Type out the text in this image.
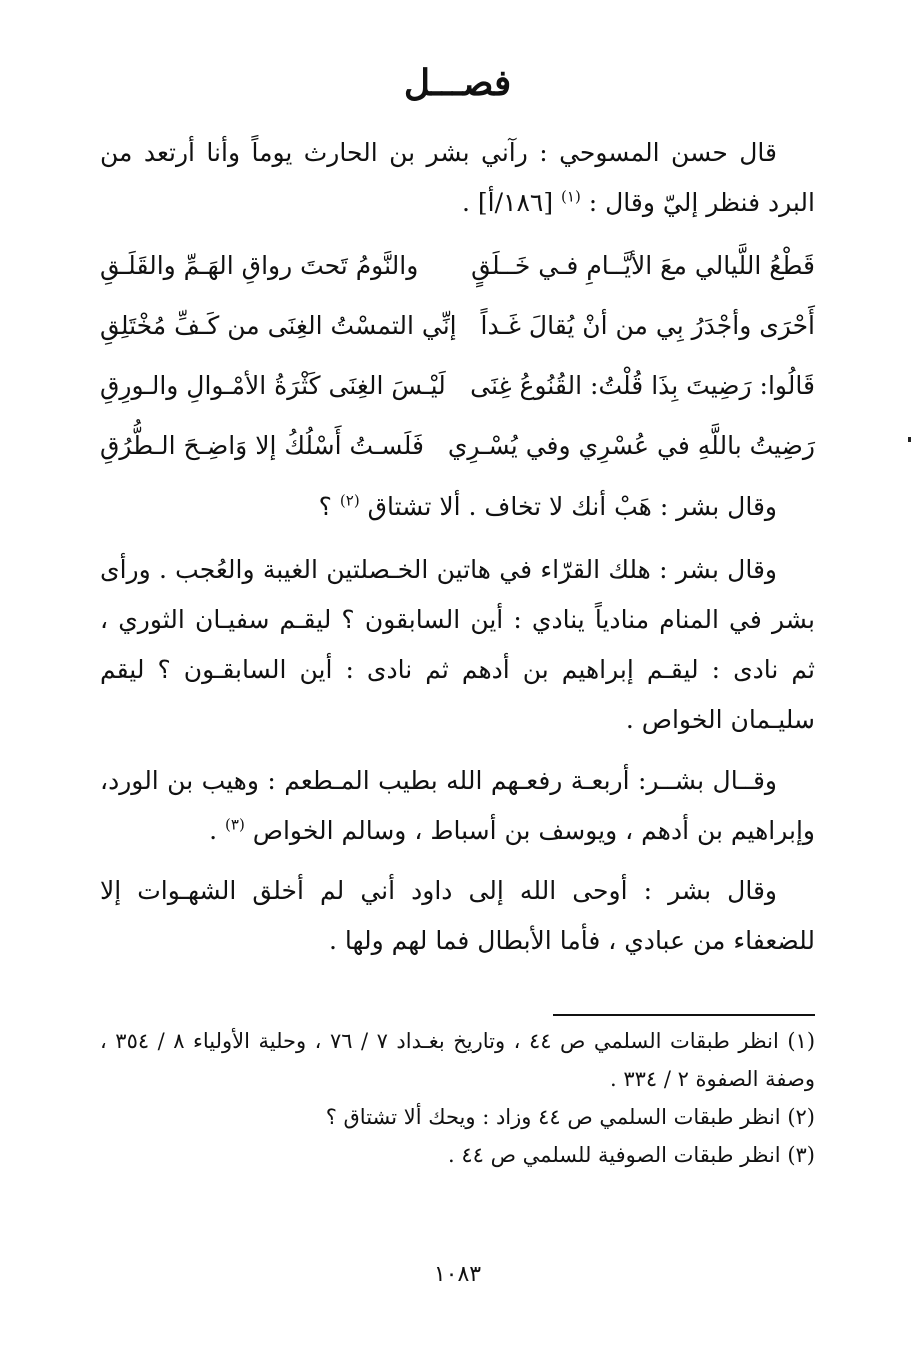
فصـــل

قال حسن المسوحي : رآني بشر بن الحارث يوماً وأنا أرتعد من البرد فنظر إليّ وقال : $^{(١)}$ [١٨٦/أ] .

قَطْعُ اللَّيالي معَ الأيَّــامِ فـي خَــلَقٍ
والنَّومُ تَحتَ رواقِ الهَـمِّ والقَلَـقِ
أَحْرَى وأجْدَرُ بِي من أنْ يُقالَ غَـداً
إنِّي التمسْتُ الغِنَى من كَـفِّ مُخْتَلِقِ
قَالُوا: رَضِيتَ بِذَا قُلْتُ: القُنُوعُ غِنَى
لَيْـسَ الغِنَى كَثْرَةُ الأمْـوالِ والـورِقِ
رَضِيتُ باللَّهِ في عُسْرِي وفي يُسْـرِي
فَلَسـتُ أَسْلُكُ إلا وَاضِـحَ الـطُّرُقِ

وقال بشر : هَبْ أنك لا تخاف . ألا تشتاق $^{(٢)}$ ؟

وقال بشر : هلك القرّاء في هاتين الخـصلتين الغيبة والعُجب . ورأى بشر في المنام منادياً ينادي : أين السابقون ؟ ليقـم سفيـان الثوري ، ثم نادى : ليقـم إبراهيم بن أدهم ثم نادى : أين السابقـون ؟ ليقم سليـمان الخواص .

وقــال بشــر: أربعـة رفعـهم الله بطيب المـطعم : وهيب بن الورد، وإبراهيم بن أدهم ، ويوسف بن أسباط ، وسالم الخواص $^{(٣)}$ .

وقال بشر : أوحى الله إلى داود أني لم أخلق الشهـوات إلا للضعفاء من عبادي ، فأما الأبطال فما لهم ولها .

(١) انظر طبقات السلمي ص ٤٤ ، وتاريخ بغـداد ٧ / ٧٦ ، وحلية الأولياء ٨ / ٣٥٤ ، وصفة الصفوة ٢ / ٣٣٤ .

(٢) انظر طبقات السلمي ص ٤٤ وزاد : ويحك ألا تشتاق ؟

(٣) انظر طبقات الصوفية للسلمي ص ٤٤ .

١٠٨٣
